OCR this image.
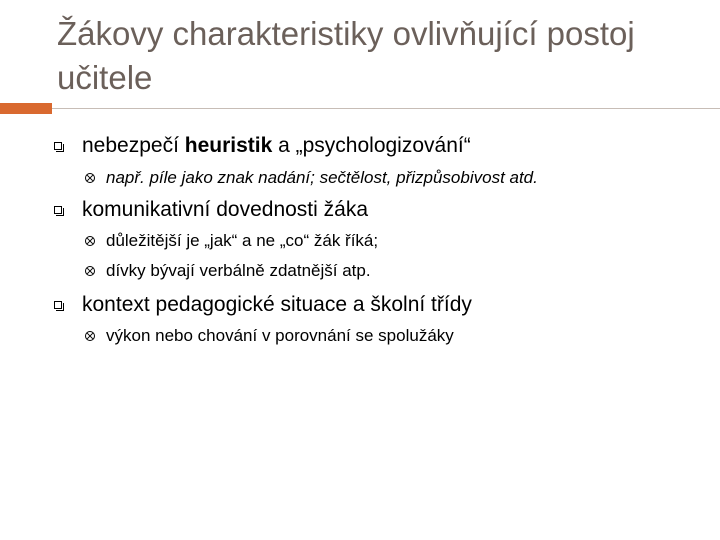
Žákovy charakteristiky ovlivňující postoj učitele
nebezpečí heuristik a „psychologizování“
např. píle jako znak nadání; sečtělost, přizpůsobivost atd.
komunikativní dovednosti žáka
důležitější je „jak“ a ne „co“ žák říká;
dívky bývají verbálně zdatnější atp.
kontext pedagogické situace a školní třídy
výkon nebo chování v porovnání se spolužáky
